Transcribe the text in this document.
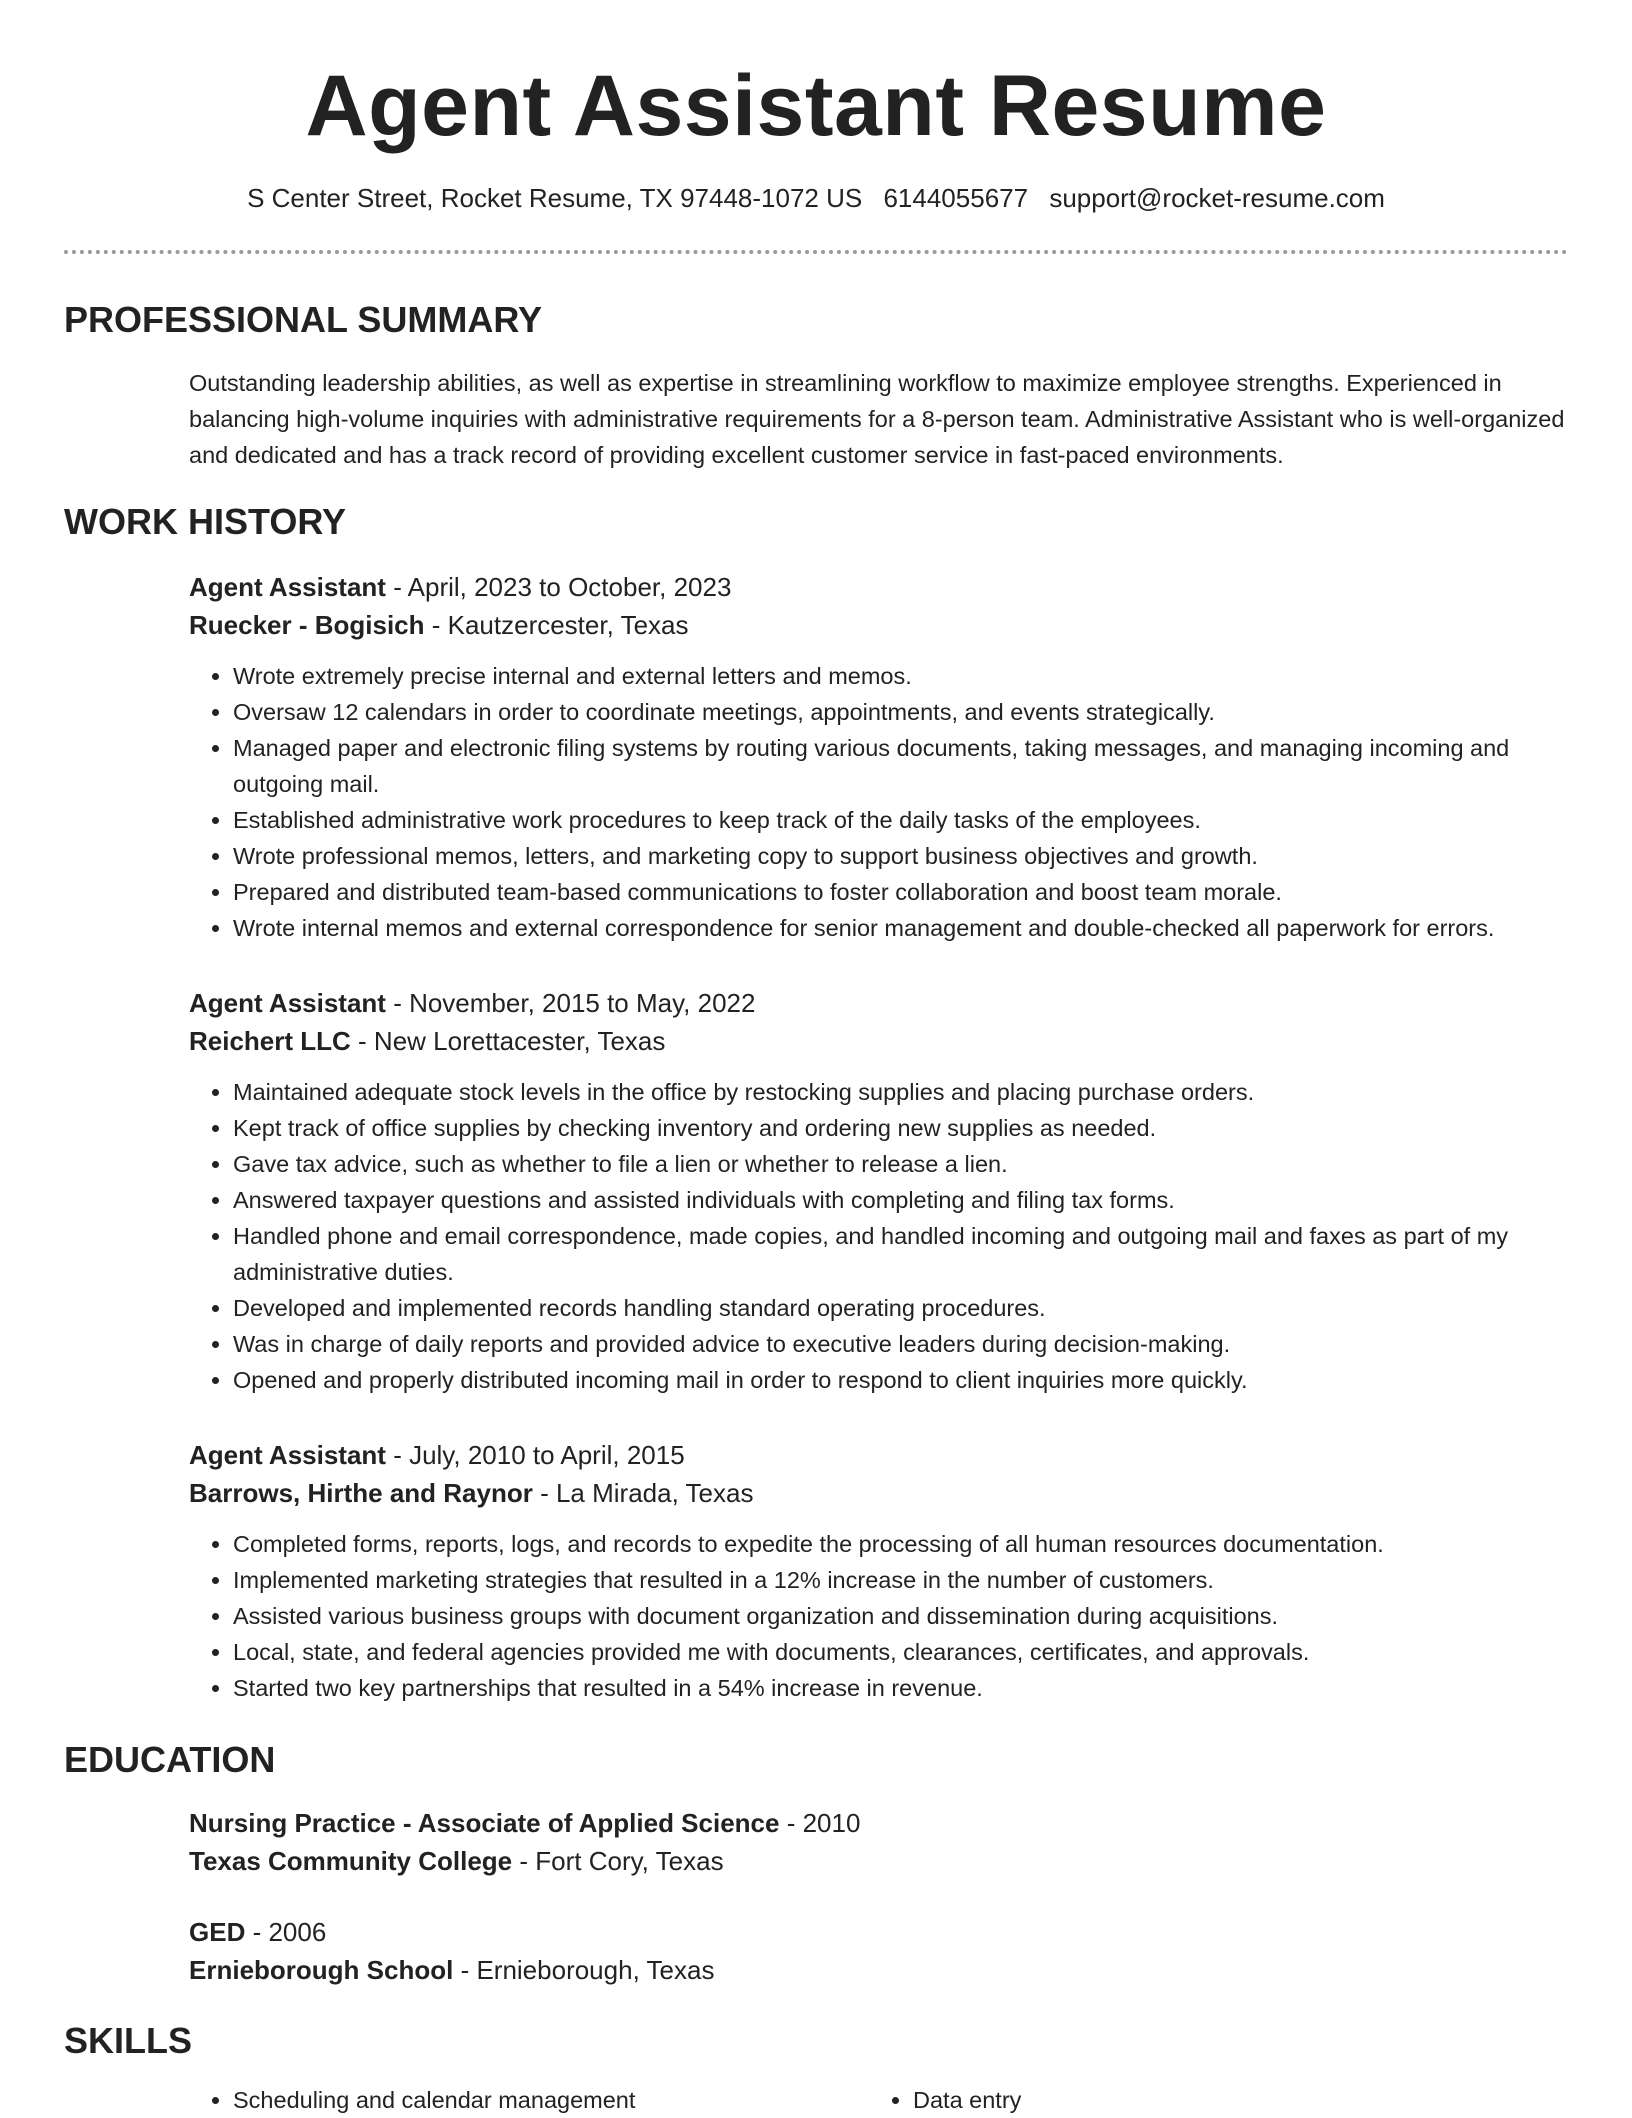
Agent Assistant Resume
S Center Street, Rocket Resume, TX 97448-1072 US 6144055677 support@rocket-resume.com
PROFESSIONAL SUMMARY
Outstanding leadership abilities, as well as expertise in streamlining workflow to maximize employee strengths. Experienced in balancing high-volume inquiries with administrative requirements for a 8-person team. Administrative Assistant who is well-organized and dedicated and has a track record of providing excellent customer service in fast-paced environments.
WORK HISTORY
Agent Assistant - April, 2023 to October, 2023
Ruecker - Bogisich - Kautzercester, Texas
• Wrote extremely precise internal and external letters and memos.
• Oversaw 12 calendars in order to coordinate meetings, appointments, and events strategically.
• Managed paper and electronic filing systems by routing various documents, taking messages, and managing incoming and outgoing mail.
• Established administrative work procedures to keep track of the daily tasks of the employees.
• Wrote professional memos, letters, and marketing copy to support business objectives and growth.
• Prepared and distributed team-based communications to foster collaboration and boost team morale.
• Wrote internal memos and external correspondence for senior management and double-checked all paperwork for errors.
Agent Assistant - November, 2015 to May, 2022
Reichert LLC - New Lorettacester, Texas
• Maintained adequate stock levels in the office by restocking supplies and placing purchase orders.
• Kept track of office supplies by checking inventory and ordering new supplies as needed.
• Gave tax advice, such as whether to file a lien or whether to release a lien.
• Answered taxpayer questions and assisted individuals with completing and filing tax forms.
• Handled phone and email correspondence, made copies, and handled incoming and outgoing mail and faxes as part of my administrative duties.
• Developed and implemented records handling standard operating procedures.
• Was in charge of daily reports and provided advice to executive leaders during decision-making.
• Opened and properly distributed incoming mail in order to respond to client inquiries more quickly.
Agent Assistant - July, 2010 to April, 2015
Barrows, Hirthe and Raynor - La Mirada, Texas
• Completed forms, reports, logs, and records to expedite the processing of all human resources documentation.
• Implemented marketing strategies that resulted in a 12% increase in the number of customers.
• Assisted various business groups with document organization and dissemination during acquisitions.
• Local, state, and federal agencies provided me with documents, clearances, certificates, and approvals.
• Started two key partnerships that resulted in a 54% increase in revenue.
EDUCATION
Nursing Practice - Associate of Applied Science - 2010
Texas Community College - Fort Cory, Texas
GED - 2006
Ernieborough School - Ernieborough, Texas
SKILLS
• Scheduling and calendar management
•	Data entry
